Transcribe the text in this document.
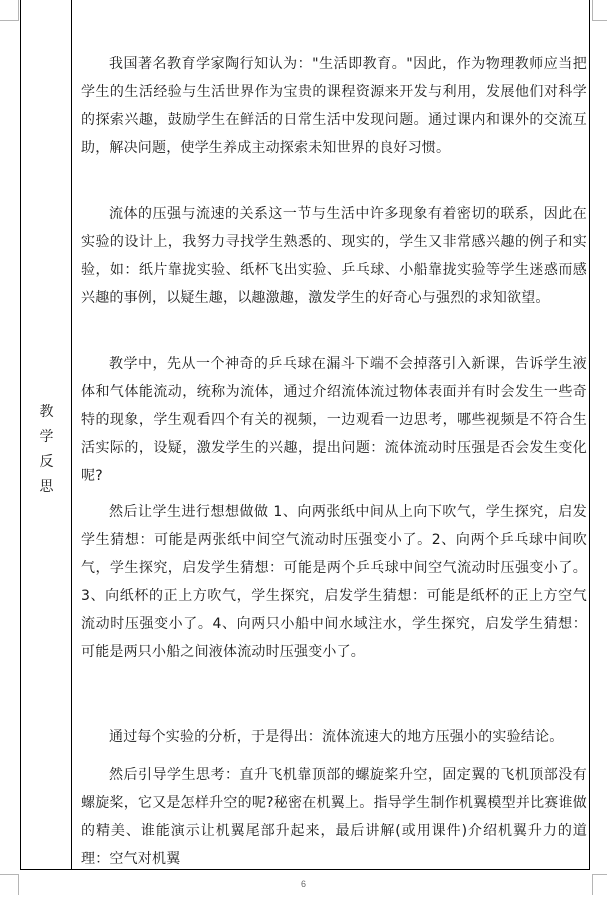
教
学
反
思

我国著名教育学家陶行知认为："生活即教育。"因此，作为物理教师应当把学生的生活经验与生活世界作为宝贵的课程资源来开发与利用，发展他们对科学的探索兴趣，鼓励学生在鲜活的日常生活中发现问题。通过课内和课外的交流互助，解决问题，使学生养成主动探索未知世界的良好习惯。

流体的压强与流速的关系这一节与生活中许多现象有着密切的联系，因此在实验的设计上，我努力寻找学生熟悉的、现实的，学生又非常感兴趣的例子和实验，如：纸片靠拢实验、纸杯飞出实验、乒乓球、小船靠拢实验等学生迷惑而感兴趣的事例，以疑生趣，以趣激趣，激发学生的好奇心与强烈的求知欲望。

教学中，先从一个神奇的乒乓球在漏斗下端不会掉落引入新课，告诉学生液体和气体能流动，统称为流体，通过介绍流体流过物体表面并有时会发生一些奇特的现象，学生观看四个有关的视频，一边观看一边思考，哪些视频是不符合生活实际的，设疑，激发学生的兴趣，提出问题：流体流动时压强是否会发生变化呢?

然后让学生进行想想做做 1、向两张纸中间从上向下吹气，学生探究，启发学生猜想：可能是两张纸中间空气流动时压强变小了。2、向两个乒乓球中间吹气，学生探究，启发学生猜想：可能是两个乒乓球中间空气流动时压强变小了。3、向纸杯的正上方吹气，学生探究，启发学生猜想：可能是纸杯的正上方空气流动时压强变小了。4、向两只小船中间水域注水，学生探究，启发学生猜想：可能是两只小船之间液体流动时压强变小了。

通过每个实验的分析，于是得出：流体流速大的地方压强小的实验结论。

然后引导学生思考：直升飞机靠顶部的螺旋桨升空，固定翼的飞机顶部没有螺旋桨，它又是怎样升空的呢?秘密在机翼上。指导学生制作机翼模型并比赛谁做的精美、谁能演示让机翼尾部升起来，最后讲解(或用课件)介绍机翼升力的道理：空气对机翼

6
